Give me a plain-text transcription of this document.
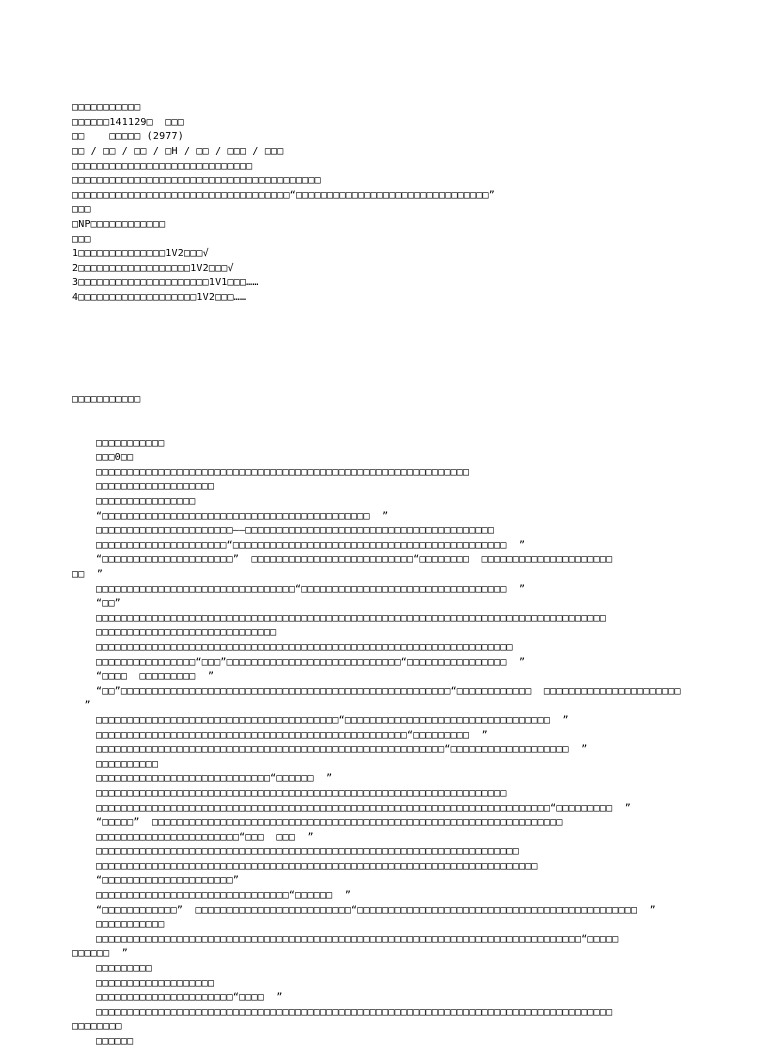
□□□□□□□□□□□
□□□□□□141129□  □□□
□□    □□□□□ (2977)
□□ / □□ / □□ / □H / □□ / □□□ / □□□
□□□□□□□□□□□□□□□□□□□□□□□□□□□□□
□□□□□□□□□□□□□□□□□□□□□□□□□□□□□□□□□□□□□□□□
□□□□□□□□□□□□□□□□□□□□□□□□□□□□□□□□□□□“□□□□□□□□□□□□□□□□□□□□□□□□□□□□□□□”
□□□
□NP□□□□□□□□□□□□
□□□
1□□□□□□□□□□□□□□1V2□□□√
2□□□□□□□□□□□□□□□□□□1V2□□□√
3□□□□□□□□□□□□□□□□□□□□□1V1□□□……
4□□□□□□□□□□□□□□□□□□□1V2□□□……

□□□□□□□□□□□

□□□□□□□□□□□
□□□0□□
□□□□□□□□□□□□□□□□□□□□□□□□□□□□□□□□□□□□□□□□□□□□□□□□□□□□□□□□□□□□
□□□□□□□□□□□□□□□□□□□
□□□□□□□□□□□□□□□□
“□□□□□□□□□□□□□□□□□□□□□□□□□□□□□□□□□□□□□□□□□□□  ”
□□□□□□□□□□□□□□□□□□□□□□——□□□□□□□□□□□□□□□□□□□□□□□□□□□□□□□□□□□□□□□□
□□□□□□□□□□□□□□□□□□□□□“□□□□□□□□□□□□□□□□□□□□□□□□□□□□□□□□□□□□□□□□□□□□  ”
“□□□□□□□□□□□□□□□□□□□□□”  □□□□□□□□□□□□□□□□□□□□□□□□□□“□□□□□□□□  □□□□□□□□□□□□□□□□□□□□□
□□  ”
□□□□□□□□□□□□□□□□□□□□□□□□□□□□□□□□“□□□□□□□□□□□□□□□□□□□□□□□□□□□□□□□□□  ”
“□□”
□□□□□□□□□□□□□□□□□□□□□□□□□□□□□□□□□□□□□□□□□□□□□□□□□□□□□□□□□□□□□□□□□□□□□□□□□□□□□□□□□□
□□□□□□□□□□□□□□□□□□□□□□□□□□□□□
□□□□□□□□□□□□□□□□□□□□□□□□□□□□□□□□□□□□□□□□□□□□□□□□□□□□□□□□□□□□□□□□□□□
□□□□□□□□□□□□□□□□“□□□”□□□□□□□□□□□□□□□□□□□□□□□□□□□□“□□□□□□□□□□□□□□□□  ”
“□□□□  □□□□□□□□□  ”
“□□”□□□□□□□□□□□□□□□□□□□□□□□□□□□□□□□□□□□□□□□□□□□□□□□□□□□□□“□□□□□□□□□□□□  □□□□□□□□□□□□□□□□□□□□□□
”
□□□□□□□□□□□□□□□□□□□□□□□□□□□□□□□□□□□□□□□“□□□□□□□□□□□□□□□□□□□□□□□□□□□□□□□□□  ”
□□□□□□□□□□□□□□□□□□□□□□□□□□□□□□□□□□□□□□□□□□□□□□□□□□“□□□□□□□□□  ”
□□□□□□□□□□□□□□□□□□□□□□□□□□□□□□□□□□□□□□□□□□□□□□□□□□□□□□□□“□□□□□□□□□□□□□□□□□□□  ”
□□□□□□□□□□
□□□□□□□□□□□□□□□□□□□□□□□□□□□□“□□□□□□  ”
□□□□□□□□□□□□□□□□□□□□□□□□□□□□□□□□□□□□□□□□□□□□□□□□□□□□□□□□□□□□□□□□□□
□□□□□□□□□□□□□□□□□□□□□□□□□□□□□□□□□□□□□□□□□□□□□□□□□□□□□□□□□□□□□□□□□□□□□□□□□“□□□□□□□□□  ”
“□□□□□”  □□□□□□□□□□□□□□□□□□□□□□□□□□□□□□□□□□□□□□□□□□□□□□□□□□□□□□□□□□□□□□□□□□
□□□□□□□□□□□□□□□□□□□□□□□“□□□  □□□  ”
□□□□□□□□□□□□□□□□□□□□□□□□□□□□□□□□□□□□□□□□□□□□□□□□□□□□□□□□□□□□□□□□□□□□
□□□□□□□□□□□□□□□□□□□□□□□□□□□□□□□□□□□□□□□□□□□□□□□□□□□□□□□□□□□□□□□□□□□□□□□
“□□□□□□□□□□□□□□□□□□□□□”
□□□□□□□□□□□□□□□□□□□□□□□□□□□□□□□“□□□□□□  ”
“□□□□□□□□□□□□”  □□□□□□□□□□□□□□□□□□□□□□□□□“□□□□□□□□□□□□□□□□□□□□□□□□□□□□□□□□□□□□□□□□□□□□□  ”
□□□□□□□□□□□
□□□□□□□□□□□□□□□□□□□□□□□□□□□□□□□□□□□□□□□□□□□□□□□□□□□□□□□□□□□□□□□□□□□□□□□□□□□□□□“□□□□□
□□□□□□  ”
□□□□□□□□□
□□□□□□□□□□□□□□□□□□□
□□□□□□□□□□□□□□□□□□□□□□“□□□□  ”
□□□□□□□□□□□□□□□□□□□□□□□□□□□□□□□□□□□□□□□□□□□□□□□□□□□□□□□□□□□□□□□□□□□□□□□□□□□□□□□□□□□
□□□□□□□□
□□□□□□
